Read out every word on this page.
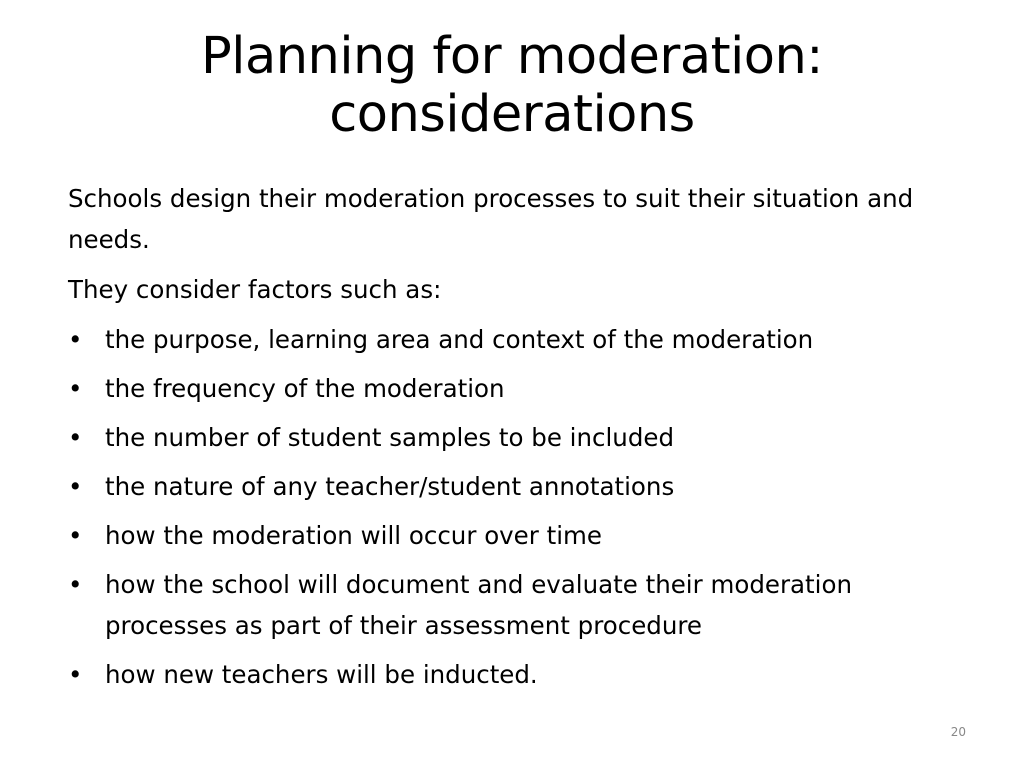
Planning for moderation: considerations
Schools design their moderation processes to suit their situation and needs.
They consider factors such as:
• the purpose, learning area and context of the moderation
• the frequency of the moderation
• the number of student samples to be included
• the nature of any teacher/student annotations
• how the moderation will occur over time
• how the school will document and evaluate their moderation processes as part of their assessment procedure
• how new teachers will be inducted.
20
